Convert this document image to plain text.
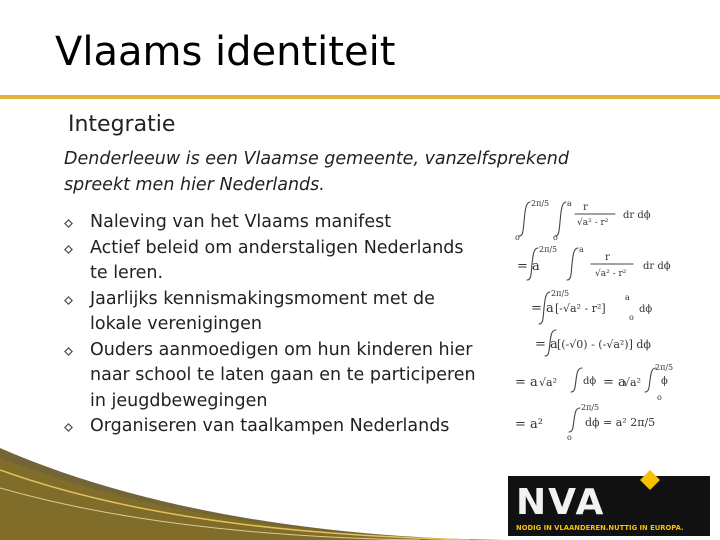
Vlaams identiteit
Integratie
Denderleeuw is een Vlaamse gemeente, vanzelfsprekend
spreekt men hier Nederlands.
Naleving van het Vlaams manifest
Actief beleid om anderstaligen Nederlands te leren.
Jaarlijks kennismakingsmoment met de lokale verenigingen
Ouders aanmoedigen om hun kinderen hier naar school te laten gaan en te participeren in jeugdbewegingen
Organiseren van taalkampen Nederlands
2π/5 a r
√a² - r²
dr dϕ
o	o
= a
2π/5	a
r
√a² - r²
dr dϕ
= a
2π/5
[-√a² - r²]
a
o
dϕ
= a [(-√0) - (-√a²)] dϕ
= a √a²	dϕ = a
√a² ϕ
2π/5
o
= a²	dϕ = a² 2π/5
2π/5
o
NVA
NODIG IN VLAANDEREN.NUTTIG IN EUROPA.
